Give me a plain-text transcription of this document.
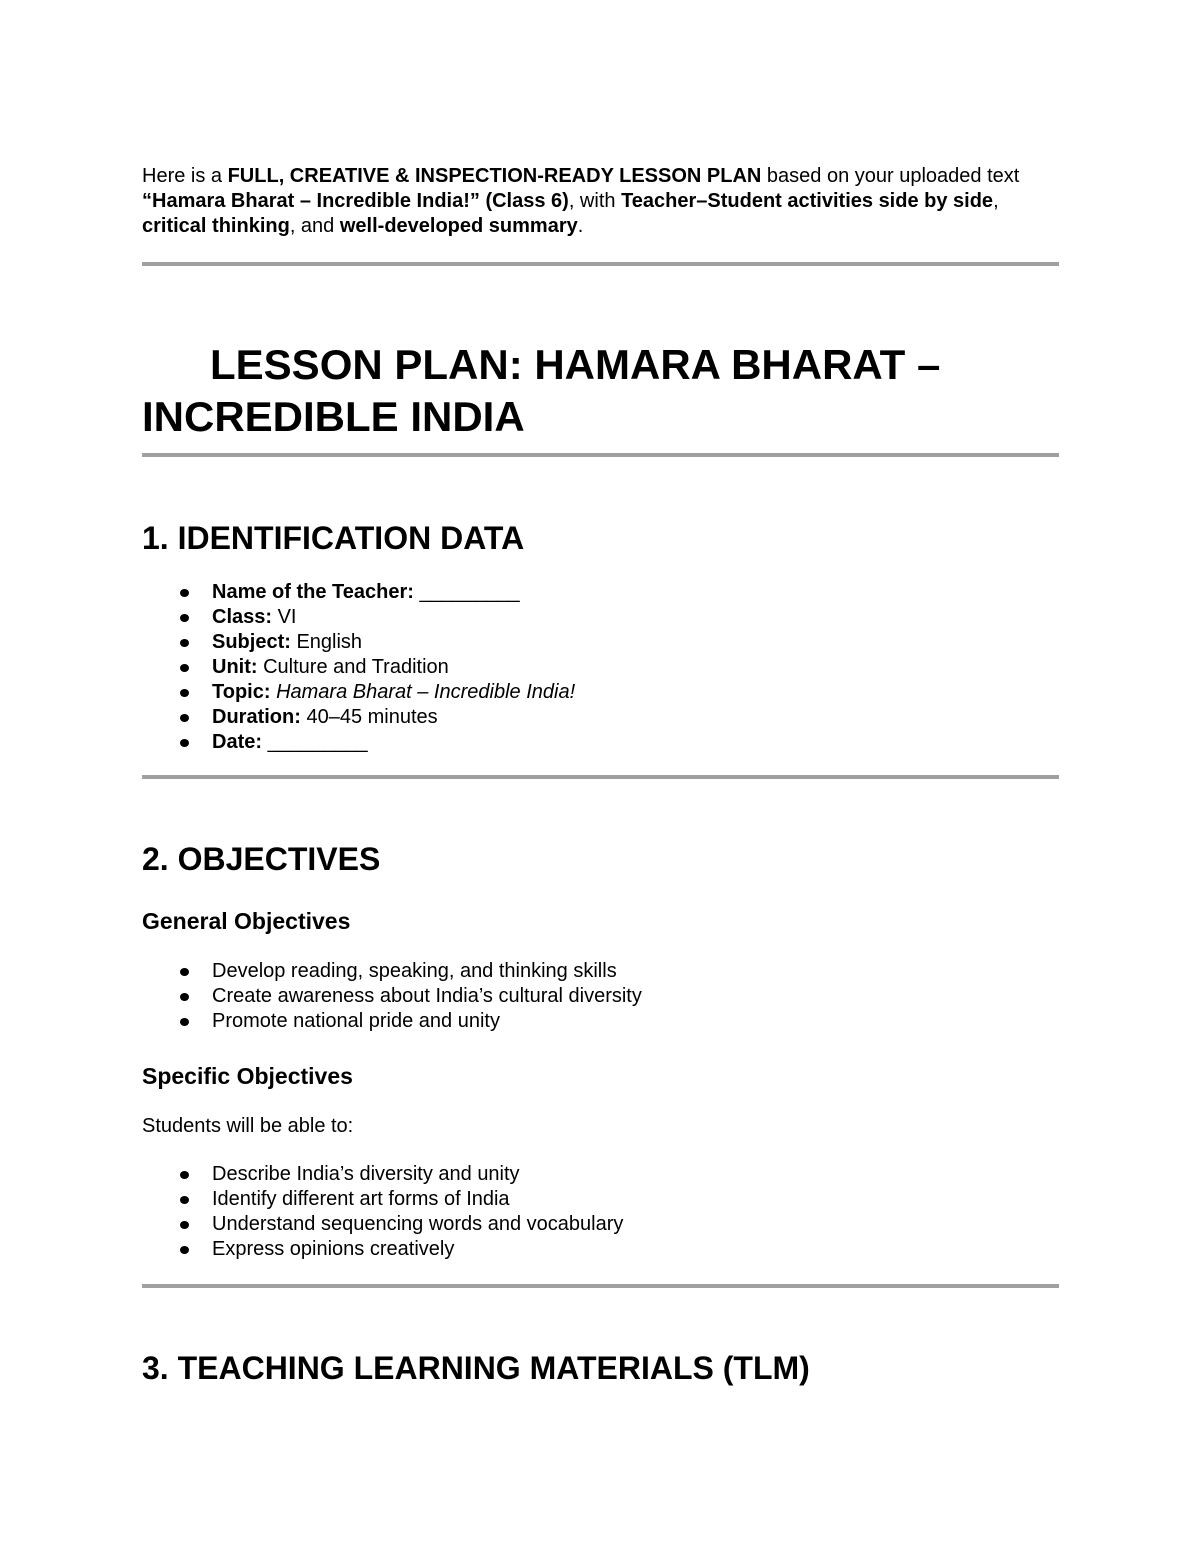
Here is a FULL, CREATIVE & INSPECTION-READY LESSON PLAN based on your uploaded text “Hamara Bharat – Incredible India!” (Class 6), with Teacher–Student activities side by side, critical thinking, and well-developed summary.

LESSON PLAN: HAMARA BHARAT –
INCREDIBLE INDIA
1. IDENTIFICATION DATA
Name of the Teacher: _________
Class: VI
Subject: English
Unit: Culture and Tradition
Topic: Hamara Bharat – Incredible India!
Duration: 40–45 minutes
Date: _________
2. OBJECTIVES
General Objectives
Develop reading, speaking, and thinking skills
Create awareness about India’s cultural diversity
Promote national pride and unity
Specific Objectives

Students will be able to:

Describe India’s diversity and unity
Identify different art forms of India
Understand sequencing words and vocabulary
Express opinions creatively
3. TEACHING LEARNING MATERIALS (TLM)
